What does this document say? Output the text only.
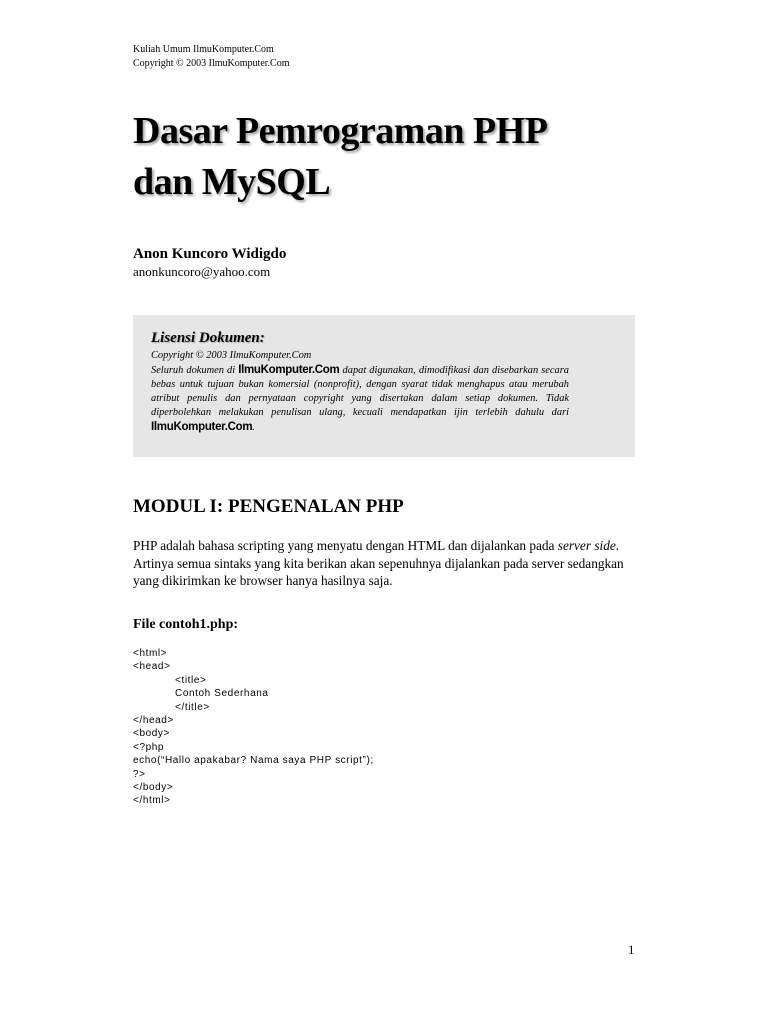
Kuliah Umum IlmuKomputer.Com
Copyright © 2003 IlmuKomputer.Com
Dasar Pemrograman PHP
dan MySQL
Anon Kuncoro Widigdo
anonkuncoro@yahoo.com
Lisensi Dokumen:
Copyright © 2003 IlmuKomputer.Com
Seluruh dokumen di IlmuKomputer.Com dapat digunakan, dimodifikasi dan disebarkan secara bebas untuk tujuan bukan komersial (nonprofit), dengan syarat tidak menghapus atau merubah atribut penulis dan pernyataan copyright yang disertakan dalam setiap dokumen. Tidak diperbolehkan melakukan penulisan ulang, kecuali mendapatkan ijin terlebih dahulu dari IlmuKomputer.Com.
MODUL I: PENGENALAN PHP

PHP adalah bahasa scripting yang menyatu dengan HTML dan dijalankan pada server side. Artinya semua sintaks yang kita berikan akan sepenuhnya dijalankan pada server sedangkan yang dikirimkan ke browser hanya hasilnya saja.

File contoh1.php:
<html>
<head>
<title>
Contoh Sederhana
</title>
</head>
<body>
<?php
echo(“Hallo apakabar? Nama saya PHP script”);
?>
</body>
</html>
1
